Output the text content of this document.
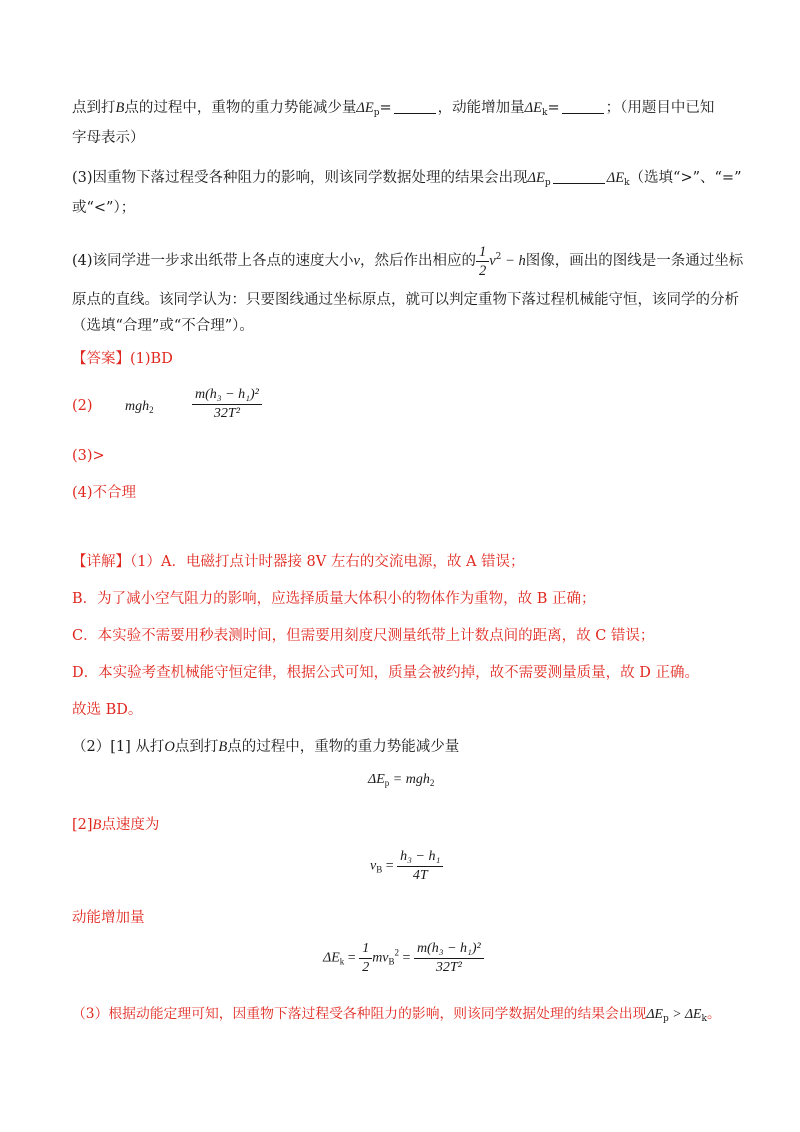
点到打B点的过程中，重物的重力势能减少量$\Delta E_p=$	，动能增加量$\Delta E_k=$	；（用题目中已知
字母表示）
(3)因重物下落过程受各种阻力的影响，则该同学数据处理的结果会出现$\Delta E_p$	$\Delta E_k$（选填“>”、“=”
或“<”）；
(4)该同学进一步求出纸带上各点的速度大小v，然后作出相应的 $\frac{1}{2} v^2 - h$图像，画出的图线是一条通过坐标
原点的直线。该同学认为：只要图线通过坐标原点，就可以判定重物下落过程机械能守恒，该同学的分析
（选填“合理”或“不合理”）。
【答案】(1)BD
(2) mgh$_2$	$\frac{\text{m(h₃ − h₁)²}}{\text{32T²}}$
(3)>
(4)不合理
【详解】（1）A．电磁打点计时器接 8V 左右的交流电源，故 A 错误；
B．为了减小空气阻力的影响，应选择质量大体积小的物体作为重物，故 B 正确；
C．本实验不需要用秒表测时间，但需要用刻度尺测量纸带上计数点间的距离，故 C 错误；
D．本实验考查机械能守恒定律，根据公式可知，质量会被约掉，故不需要测量质量，故 D 正确。
故选 BD。
（2）[1] 从打O点到打B点的过程中，重物的重力势能减少量
$\Delta E_p = mgh_2$
[2]B点速度为
$v_B = \frac{\text{h₃ − h₁}}{4T}$
动能增加量
$\Delta E_k = \frac{1}{2} mv_B^2 = \frac{\text{m(h₃ − h₁)²}}{\text{32T²}}$
（3）根据动能定理可知，因重物下落过程受各种阻力的影响，则该同学数据处理的结果会出现$\Delta E_p > \Delta E_k$。
